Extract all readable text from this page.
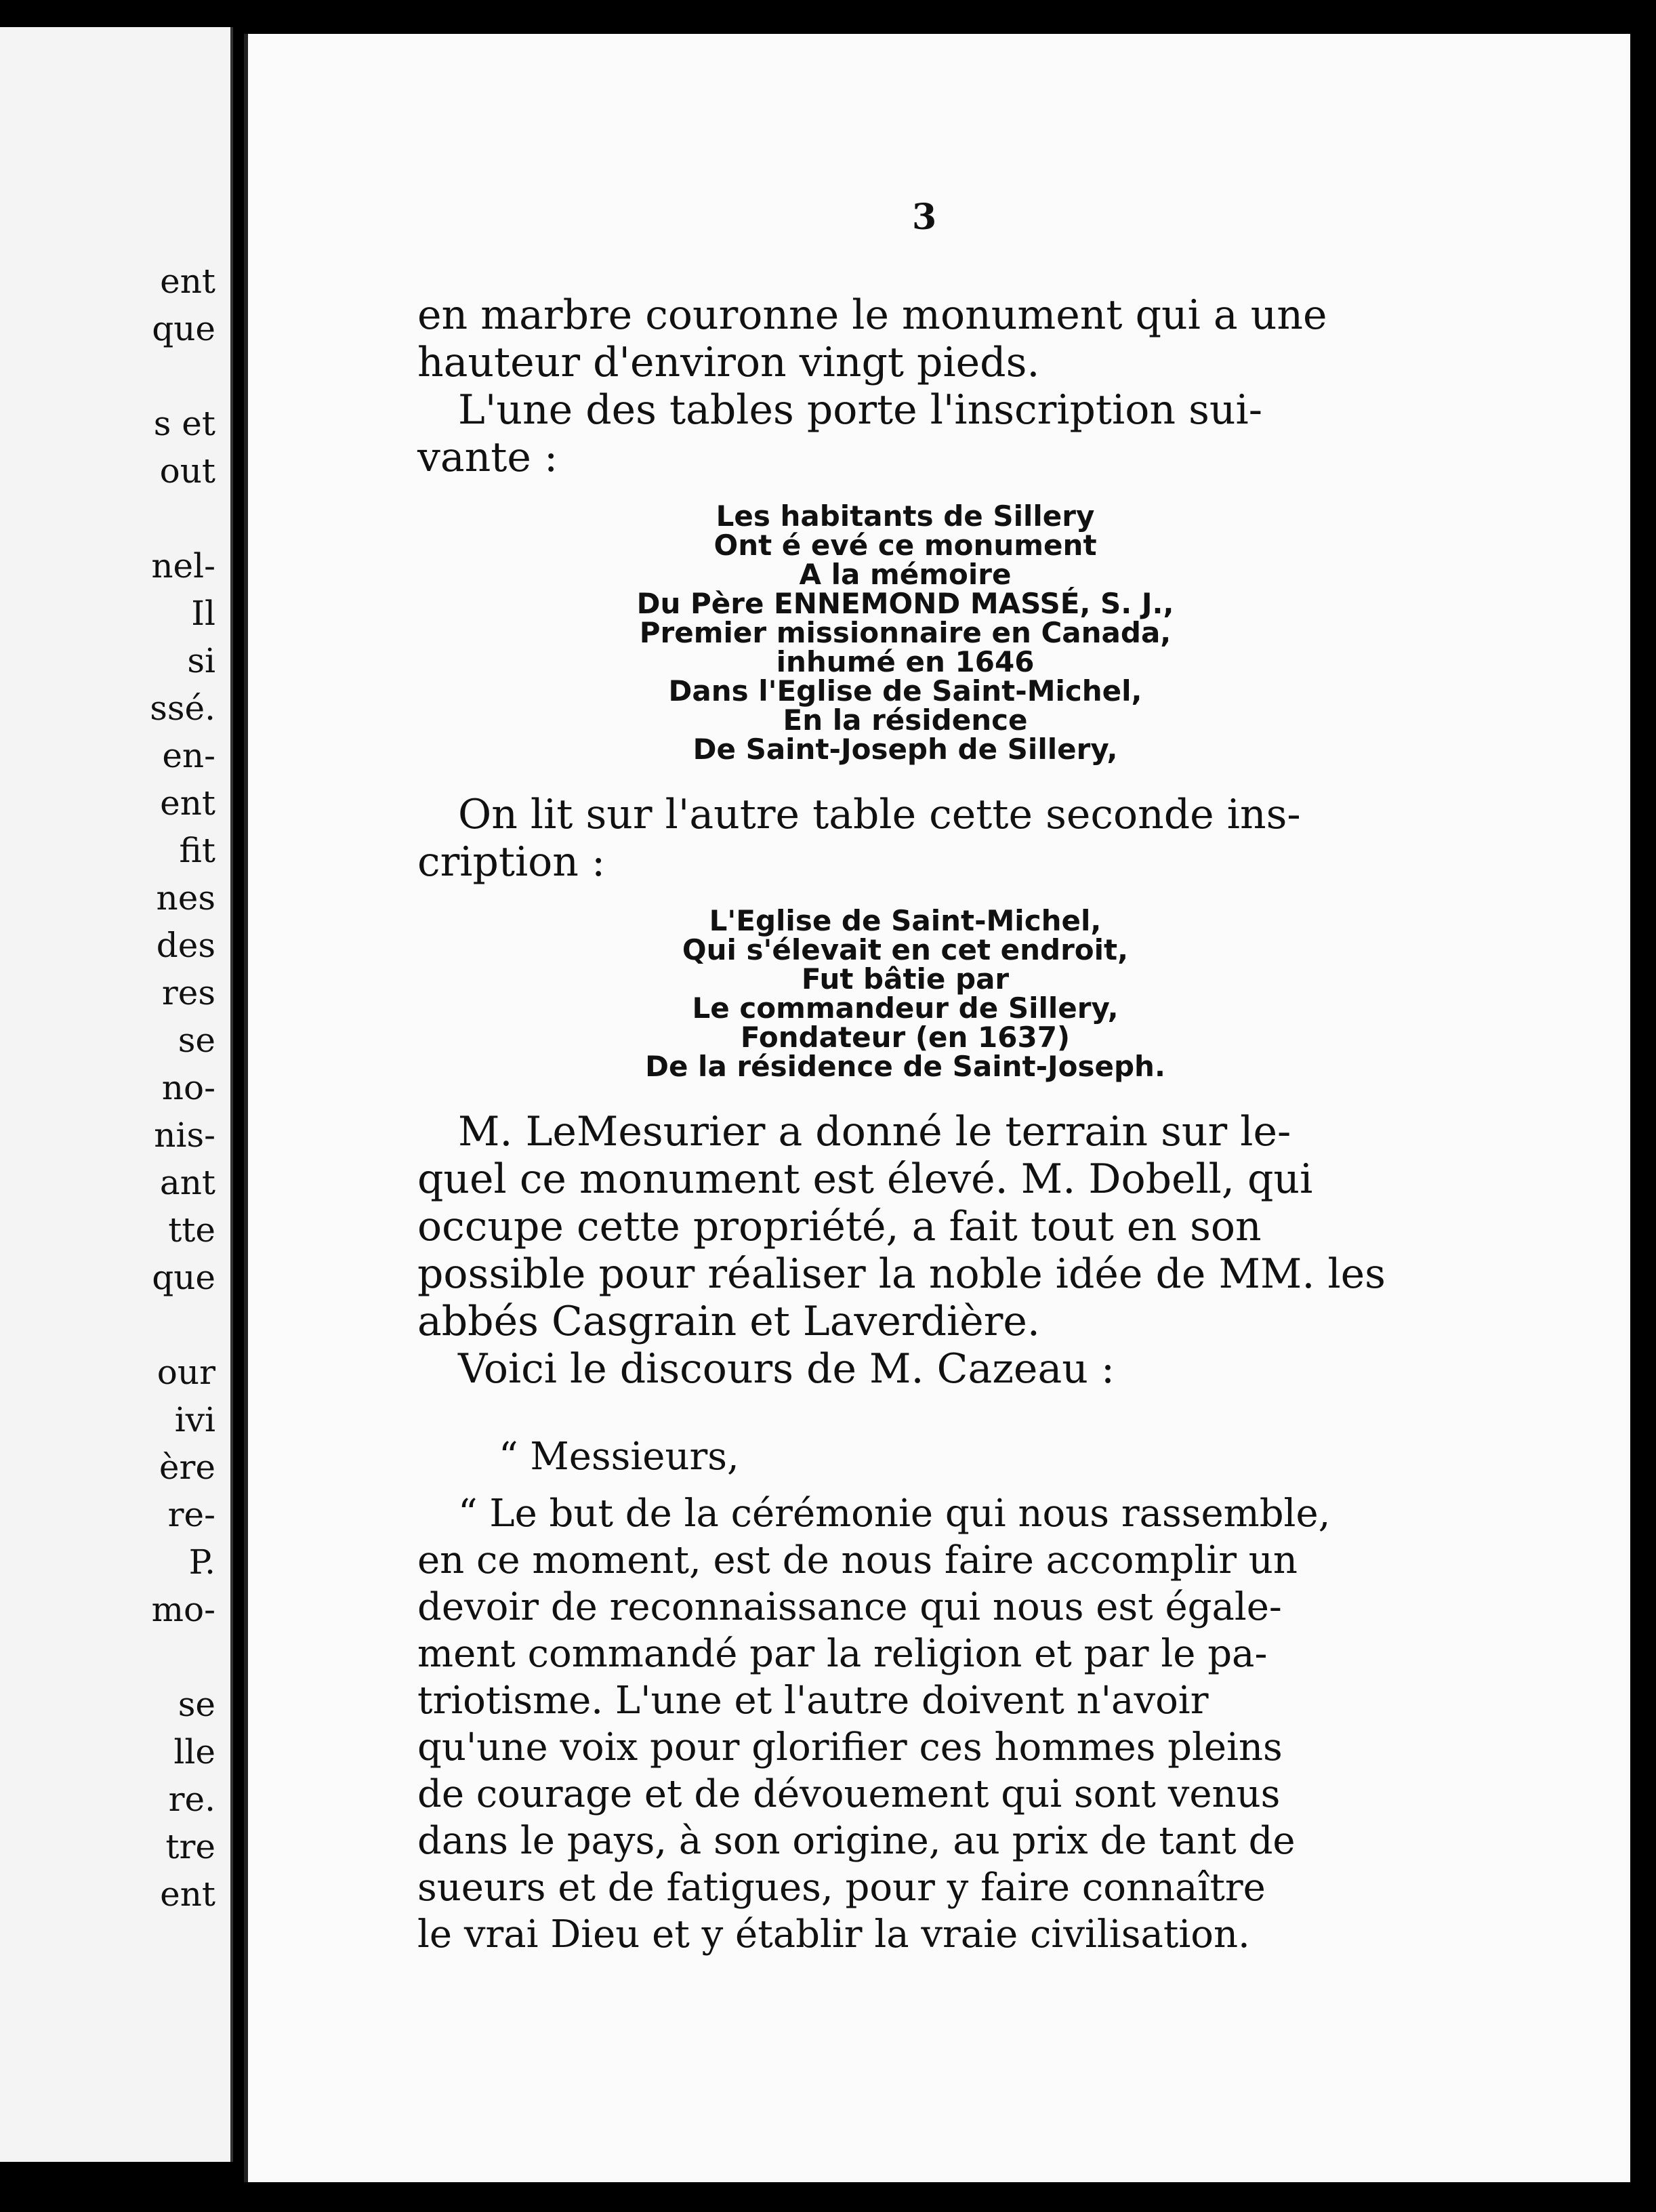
ent
que
s et
out
nel-
Il
si
ssé.
en-
ent
fit
nes
des
res
se
no-
nis-
ant
tte
que
our
ivi
ère
re-
P.
mo-
se
lle
re.
tre
ent
3
en marbre couronne le monument qui a une
hauteur d'environ vingt pieds.
L'une des tables porte l'inscription sui-
vante :
Les habitants de Sillery
Ont é evé ce monument
A la mémoire
Du Père ENNEMOND MASSÉ, S. J.,
Premier missionnaire en Canada,
inhumé en 1646
Dans l'Eglise de Saint-Michel,
En la résidence
De Saint-Joseph de Sillery,
On lit sur l'autre table cette seconde ins-
cription :
L'Eglise de Saint-Michel,
Qui s'élevait en cet endroit,
Fut bâtie par
Le commandeur de Sillery,
Fondateur (en 1637)
De la résidence de Saint-Joseph.
M. LeMesurier a donné le terrain sur le-
quel ce monument est élevé. M. Dobell, qui
occupe cette propriété, a fait tout en son
possible pour réaliser la noble idée de MM. les
abbés Casgrain et Laverdière.
Voici le discours de M. Cazeau :
“ Messieurs,
“ Le but de la cérémonie qui nous rassemble,
en ce moment, est de nous faire accomplir un
devoir de reconnaissance qui nous est égale-
ment commandé par la religion et par le pa-
triotisme. L'une et l'autre doivent n'avoir
qu'une voix pour glorifier ces hommes pleins
de courage et de dévouement qui sont venus
dans le pays, à son origine, au prix de tant de
sueurs et de fatigues, pour y faire connaître
le vrai Dieu et y établir la vraie civilisation.
